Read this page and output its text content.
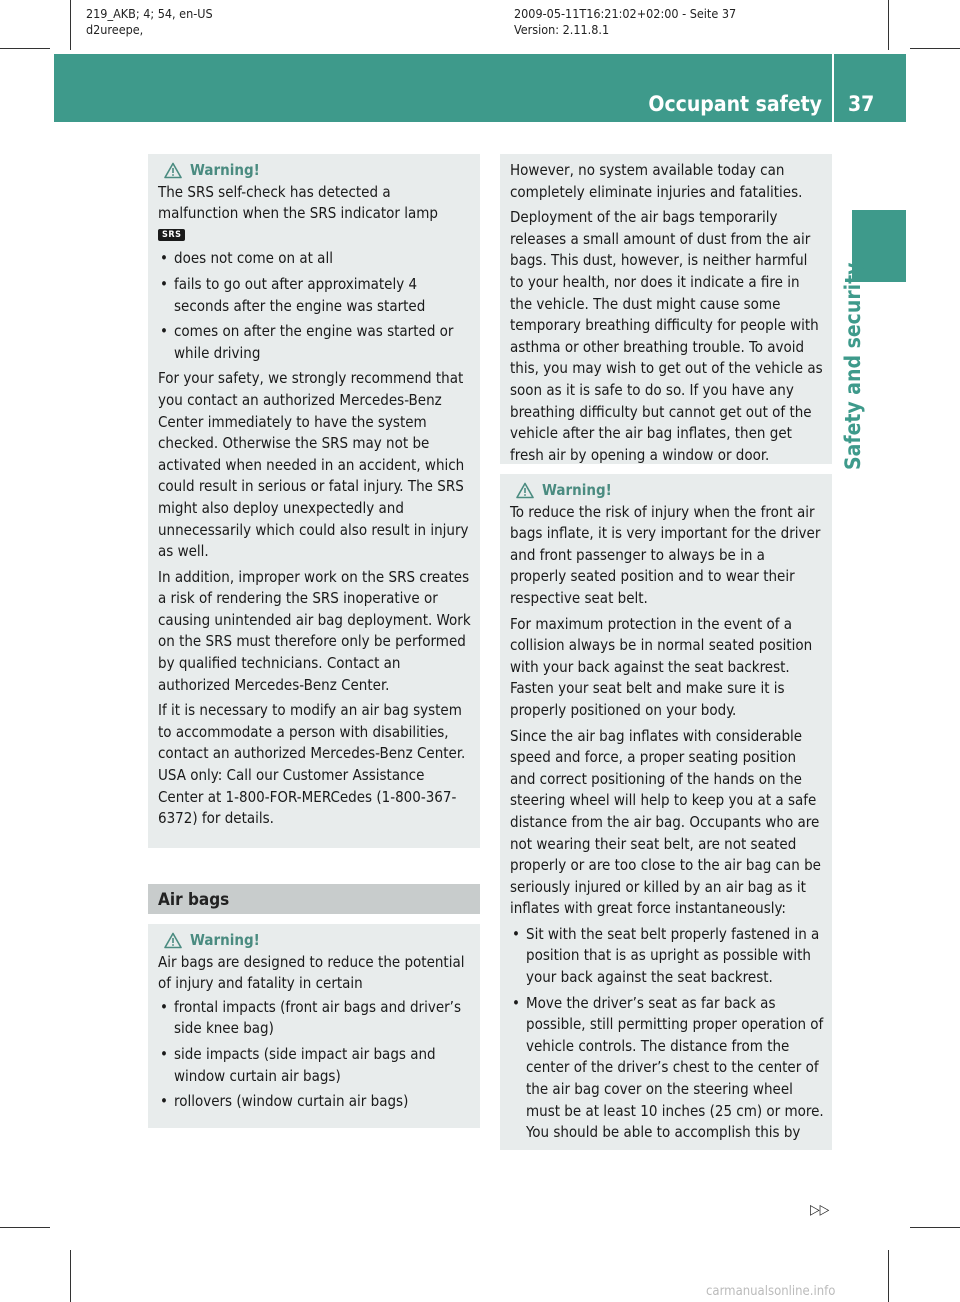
219_AKB; 4; 54, en-US
d2ureepe,
2009-05-11T16:21:02+02:00 - Seite 37
Version: 2.11.8.1
Occupant safety 37
Safety and security
Warning!

The SRS self-check has detected a malfunction when the SRS indicator lamp
SRS

• does not come on at all
• fails to go out after approximately 4 seconds after the engine was started
• comes on after the engine was started or while driving

For your safety, we strongly recommend that you contact an authorized Mercedes-Benz Center immediately to have the system checked. Otherwise the SRS may not be activated when needed in an accident, which could result in serious or fatal injury. The SRS might also deploy unexpectedly and unnecessarily which could also result in injury as well.

In addition, improper work on the SRS creates a risk of rendering the SRS inoperative or causing unintended air bag deployment. Work on the SRS must therefore only be performed by qualified technicians. Contact an authorized Mercedes-Benz Center.

If it is necessary to modify an air bag system to accommodate a person with disabilities, contact an authorized Mercedes-Benz Center. USA only: Call our Customer Assistance Center at 1-800-FOR-MERCedes (1-800-367-6372) for details.

Air bags
Warning!

Air bags are designed to reduce the potential of injury and fatality in certain

• frontal impacts (front air bags and driver’s side knee bag)
• side impacts (side impact air bags and window curtain air bags)
• rollovers (window curtain air bags)

However, no system available today can completely eliminate injuries and fatalities.

Deployment of the air bags temporarily releases a small amount of dust from the air bags. This dust, however, is neither harmful to your health, nor does it indicate a fire in the vehicle. The dust might cause some temporary breathing difficulty for people with asthma or other breathing trouble. To avoid this, you may wish to get out of the vehicle as soon as it is safe to do so. If you have any breathing difficulty but cannot get out of the vehicle after the air bag inflates, then get fresh air by opening a window or door.

Warning!

To reduce the risk of injury when the front air bags inflate, it is very important for the driver and front passenger to always be in a properly seated position and to wear their respective seat belt.

For maximum protection in the event of a collision always be in normal seated position with your back against the seat backrest. Fasten your seat belt and make sure it is properly positioned on your body.

Since the air bag inflates with considerable speed and force, a proper seating position and correct positioning of the hands on the steering wheel will help to keep you at a safe distance from the air bag. Occupants who are not wearing their seat belt, are not seated properly or are too close to the air bag can be seriously injured or killed by an air bag as it inflates with great force instantaneously:

• Sit with the seat belt properly fastened in a position that is as upright as possible with your back against the seat backrest.
• Move the driver’s seat as far back as possible, still permitting proper operation of vehicle controls. The distance from the center of the driver’s chest to the center of the air bag cover on the steering wheel must be at least 10 inches (25 cm) or more. You should be able to accomplish this by
▷▷
carmanualsonline.info
